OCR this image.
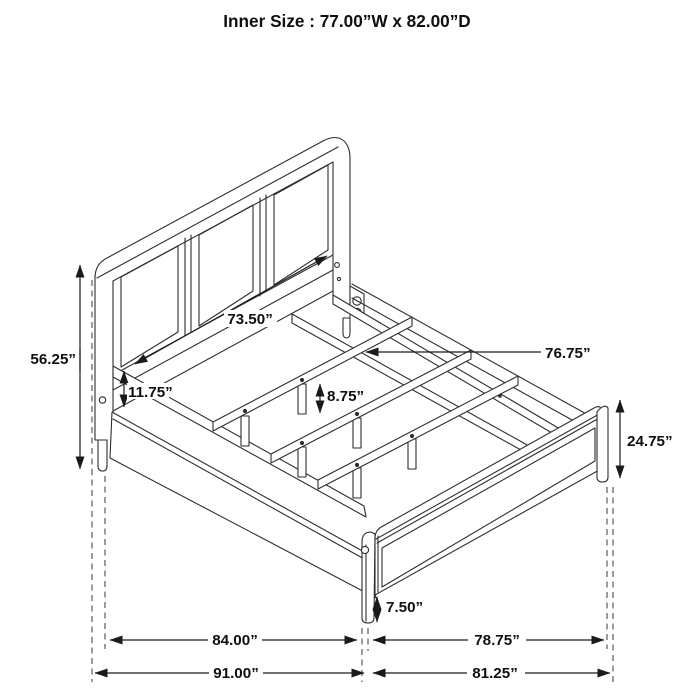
Inner Size : 77.00”W x 82.00”D
56.25”
73.50”
76.75”
11.75”	8.75”
24.75”
7.50”
84.00”	78.75”
91.00”	81.25”
